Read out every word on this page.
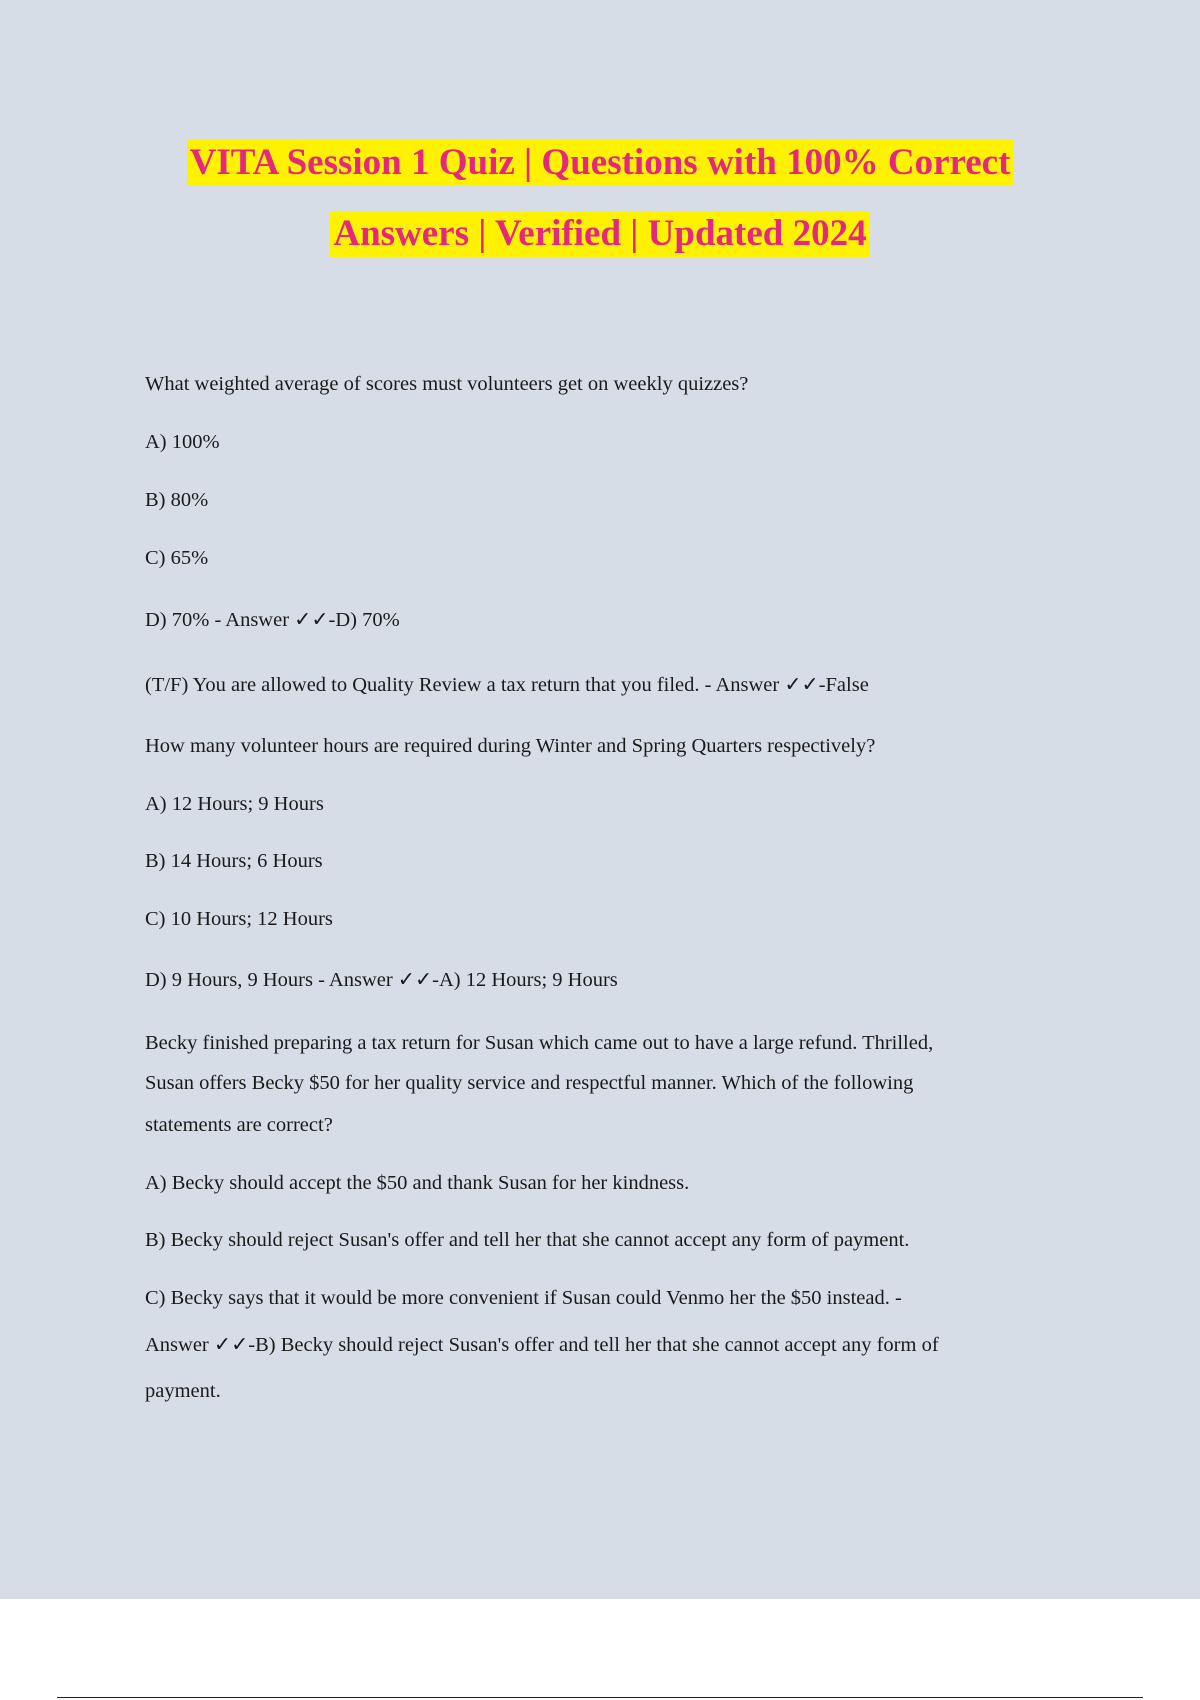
VITA Session 1 Quiz | Questions with 100% Correct
Answers | Verified | Updated 2024
What weighted average of scores must volunteers get on weekly quizzes?
A) 100%
B) 80%
C) 65%
D) 70% - Answer ✓✓-D) 70%
(T/F) You are allowed to Quality Review a tax return that you filed. - Answer ✓✓-False
How many volunteer hours are required during Winter and Spring Quarters respectively?
A) 12 Hours; 9 Hours
B) 14 Hours; 6 Hours
C) 10 Hours; 12 Hours
D) 9 Hours, 9 Hours - Answer ✓✓-A) 12 Hours; 9 Hours
Becky finished preparing a tax return for Susan which came out to have a large refund. Thrilled,
Susan offers Becky $50 for her quality service and respectful manner. Which of the following
statements are correct?
A) Becky should accept the $50 and thank Susan for her kindness.
B) Becky should reject Susan's offer and tell her that she cannot accept any form of payment.
C) Becky says that it would be more convenient if Susan could Venmo her the $50 instead. -
Answer ✓✓-B) Becky should reject Susan's offer and tell her that she cannot accept any form of
payment.
